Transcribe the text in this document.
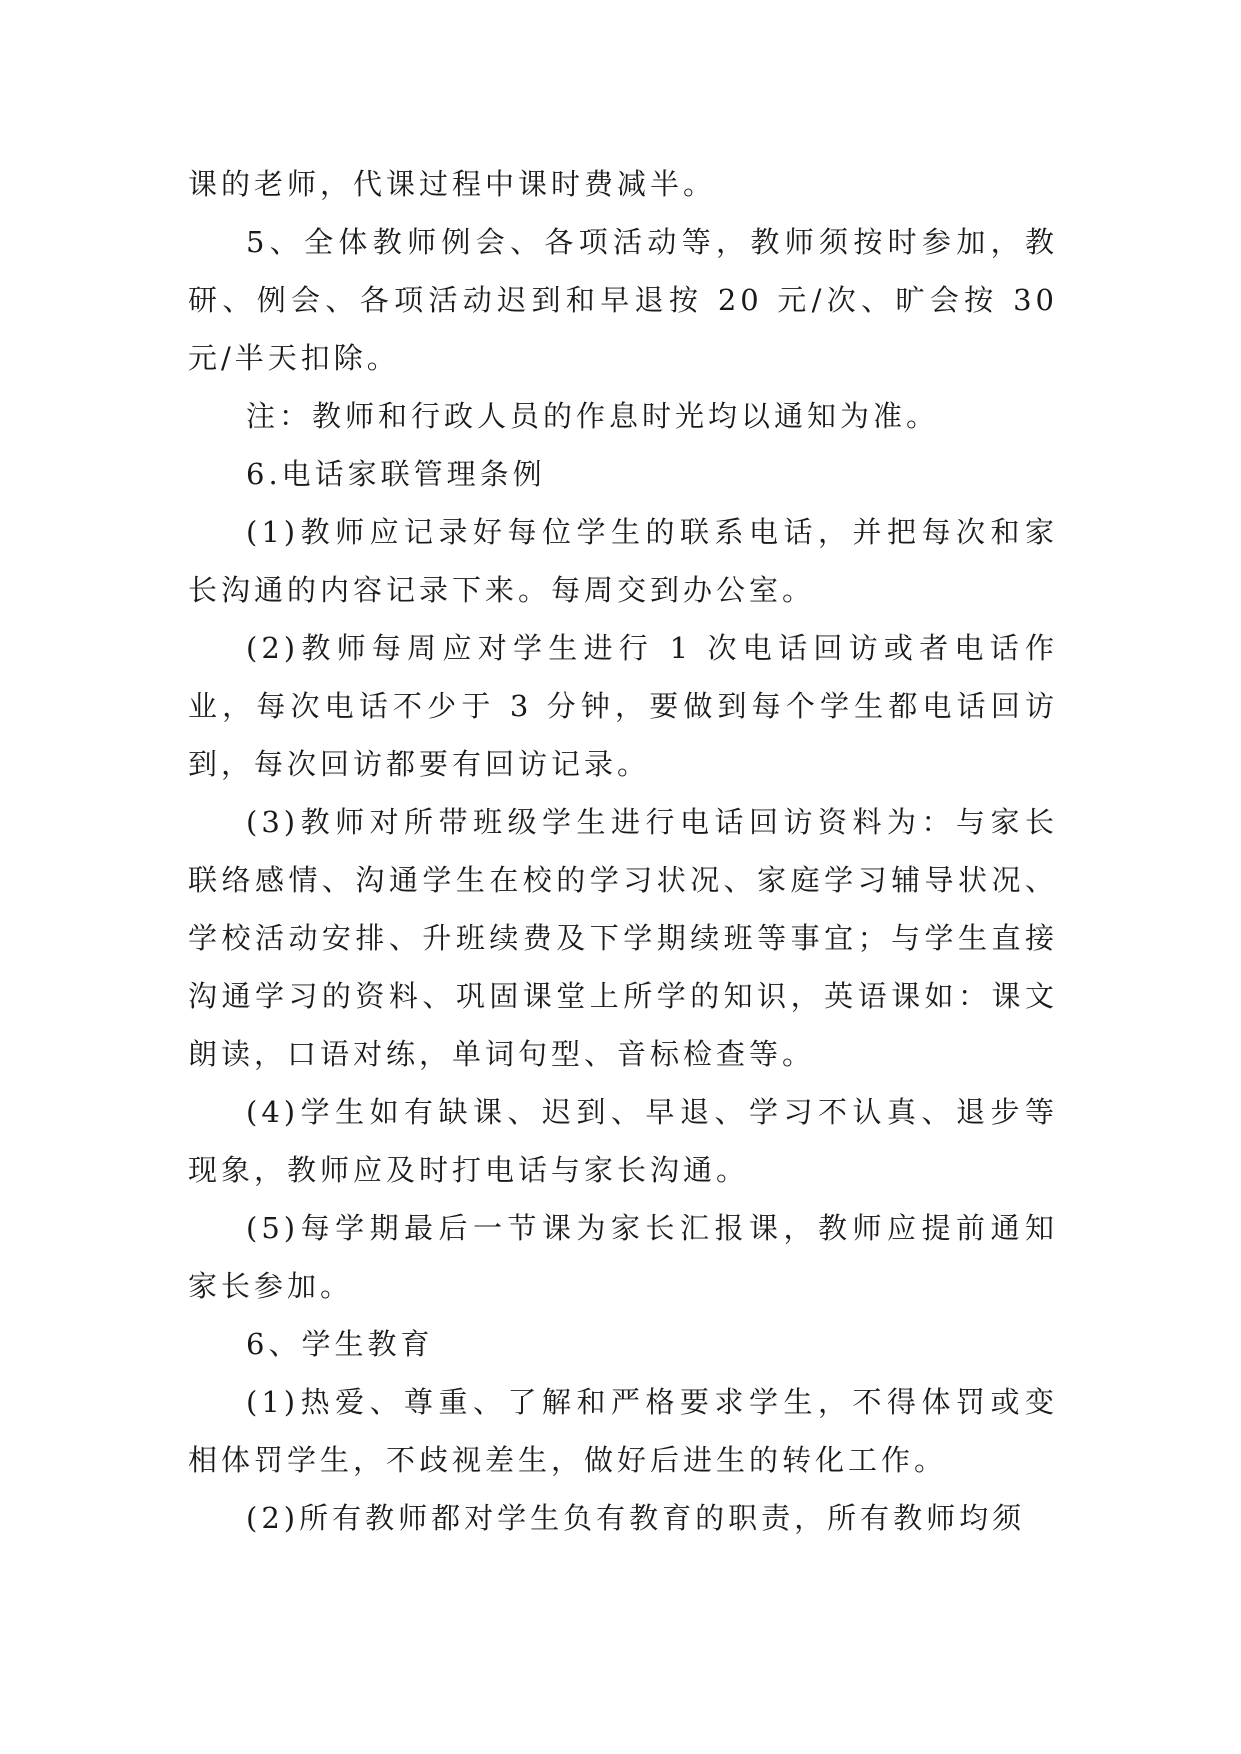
课的老师，代课过程中课时费减半。

5、全体教师例会、各项活动等，教师须按时参加，教研、例会、各项活动迟到和早退按 20 元/次、旷会按 30 元/半天扣除。

注：教师和行政人员的作息时光均以通知为准。

6.电话家联管理条例

(1)教师应记录好每位学生的联系电话，并把每次和家长沟通的内容记录下来。每周交到办公室。

(2)教师每周应对学生进行 1 次电话回访或者电话作业，每次电话不少于 3 分钟，要做到每个学生都电话回访到，每次回访都要有回访记录。

(3)教师对所带班级学生进行电话回访资料为：与家长联络感情、沟通学生在校的学习状况、家庭学习辅导状况、学校活动安排、升班续费及下学期续班等事宜；与学生直接沟通学习的资料、巩固课堂上所学的知识，英语课如：课文朗读，口语对练，单词句型、音标检查等。

(4)学生如有缺课、迟到、早退、学习不认真、退步等现象，教师应及时打电话与家长沟通。

(5)每学期最后一节课为家长汇报课，教师应提前通知家长参加。

6、学生教育

(1)热爱、尊重、了解和严格要求学生，不得体罚或变相体罚学生，不歧视差生，做好后进生的转化工作。

(2)所有教师都对学生负有教育的职责，所有教师均须
